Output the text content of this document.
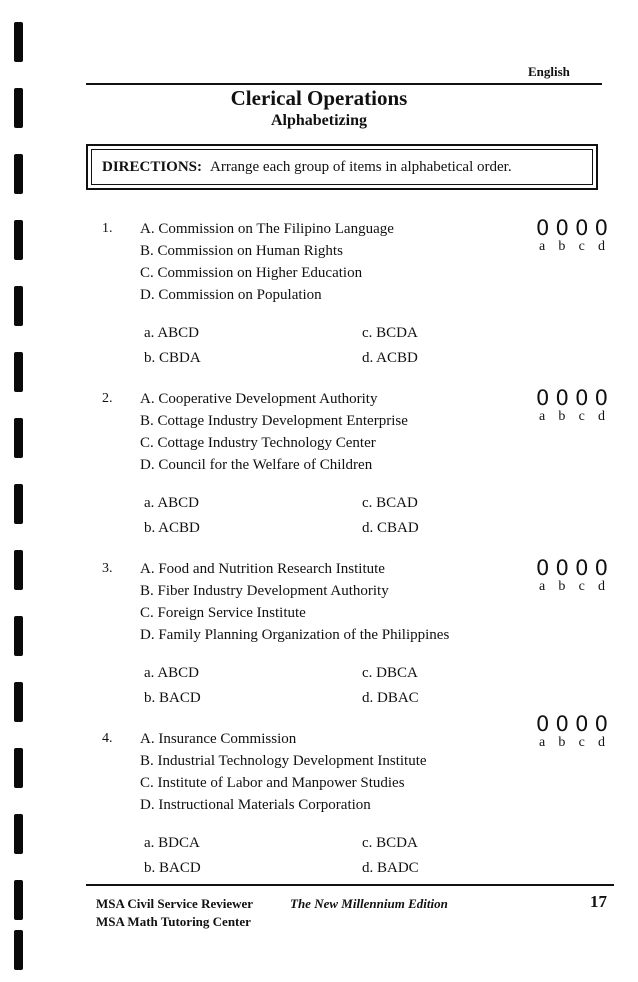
English
Clerical Operations
Alphabetizing
DIRECTIONS: Arrange each group of items in alphabetical order.
1. A. Commission on The Filipino Language
B. Commission on Human Rights
C. Commission on Higher Education
D. Commission on Population
a. ABCD
b. CBDA
c. BCDA
d. ACBD
0 0 0 0
a b c d
2. A. Cooperative Development Authority
B. Cottage Industry Development Enterprise
C. Cottage Industry Technology Center
D. Council for the Welfare of Children
a. ABCD
b. ACBD
c. BCAD
d. CBAD
0 0 0 0
a b c d
3. A. Food and Nutrition Research Institute
B. Fiber Industry Development Authority
C. Foreign Service Institute
D. Family Planning Organization of the Philippines
a. ABCD
b. BACD
c. DBCA
d. DBAC
0 0 0 0
a b c d
4. A. Insurance Commission
B. Industrial Technology Development Institute
C. Institute of Labor and Manpower Studies
D. Instructional Materials Corporation
a. BDCA
b. BACD
c. BCDA
d. BADC
0 0 0 0
a b c d
MSA Civil Service Reviewer	The New Millennium Edition	17
MSA Math Tutoring Center
